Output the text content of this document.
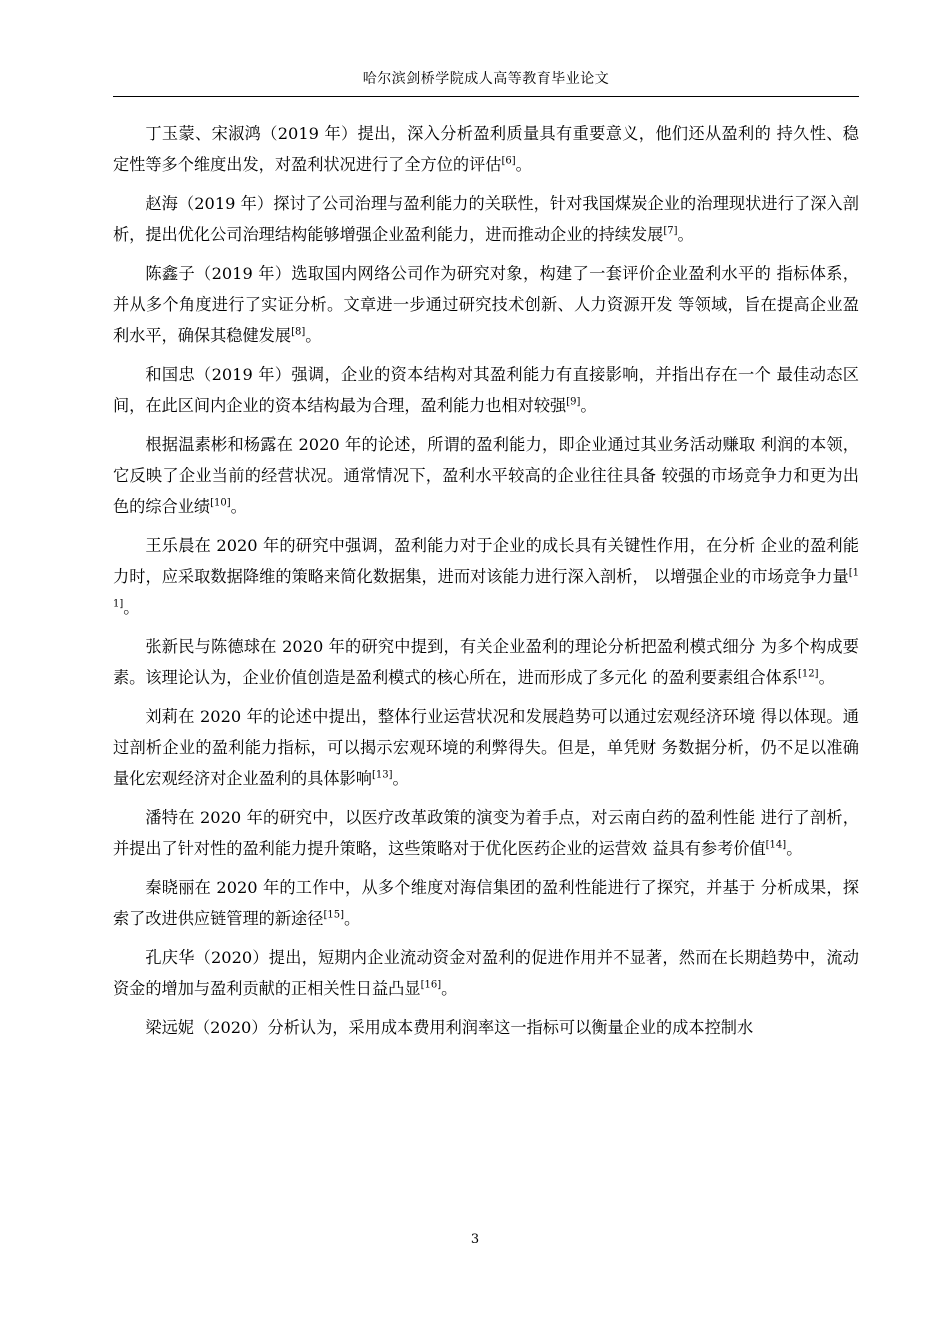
哈尔滨剑桥学院成人高等教育毕业论文

丁玉蒙、宋淑鸿（2019 年）提出，深入分析盈利质量具有重要意义，他们还从盈利的 持久性、稳定性等多个维度出发，对盈利状况进行了全方位的评估[6]。

赵海（2019 年）探讨了公司治理与盈利能力的关联性，针对我国煤炭企业的治理现状进行了深入剖析，提出优化公司治理结构能够增强企业盈利能力，进而推动企业的持续发展[7]。

陈鑫子（2019 年）选取国内网络公司作为研究对象，构建了一套评价企业盈利水平的 指标体系，并从多个角度进行了实证分析。文章进一步通过研究技术创新、人力资源开发 等领域，旨在提高企业盈利水平，确保其稳健发展[8]。

和国忠（2019 年）强调，企业的资本结构对其盈利能力有直接影响，并指出存在一个 最佳动态区间，在此区间内企业的资本结构最为合理，盈利能力也相对较强[9]。

根据温素彬和杨露在 2020 年的论述，所谓的盈利能力，即企业通过其业务活动赚取 利润的本领，它反映了企业当前的经营状况。通常情况下，盈利水平较高的企业往往具备 较强的市场竞争力和更为出色的综合业绩[10]。

王乐晨在 2020 年的研究中强调，盈利能力对于企业的成长具有关键性作用，在分析 企业的盈利能力时，应采取数据降维的策略来简化数据集，进而对该能力进行深入剖析， 以增强企业的市场竞争力量[11]。

张新民与陈德球在 2020 年的研究中提到，有关企业盈利的理论分析把盈利模式细分 为多个构成要素。该理论认为，企业价值创造是盈利模式的核心所在，进而形成了多元化 的盈利要素组合体系[12]。

刘莉在 2020 年的论述中提出，整体行业运营状况和发展趋势可以通过宏观经济环境 得以体现。通过剖析企业的盈利能力指标，可以揭示宏观环境的利弊得失。但是，单凭财 务数据分析，仍不足以准确量化宏观经济对企业盈利的具体影响[13]。

潘特在 2020 年的研究中，以医疗改革政策的演变为着手点，对云南白药的盈利性能 进行了剖析，并提出了针对性的盈利能力提升策略，这些策略对于优化医药企业的运营效 益具有参考价值[14]。

秦晓丽在 2020 年的工作中，从多个维度对海信集团的盈利性能进行了探究，并基于 分析成果，探索了改进供应链管理的新途径[15]。

孔庆华（2020）提出，短期内企业流动资金对盈利的促进作用并不显著，然而在长期趋势中，流动资金的增加与盈利贡献的正相关性日益凸显[16]。

梁远妮（2020）分析认为，采用成本费用利润率这一指标可以衡量企业的成本控制水

3
